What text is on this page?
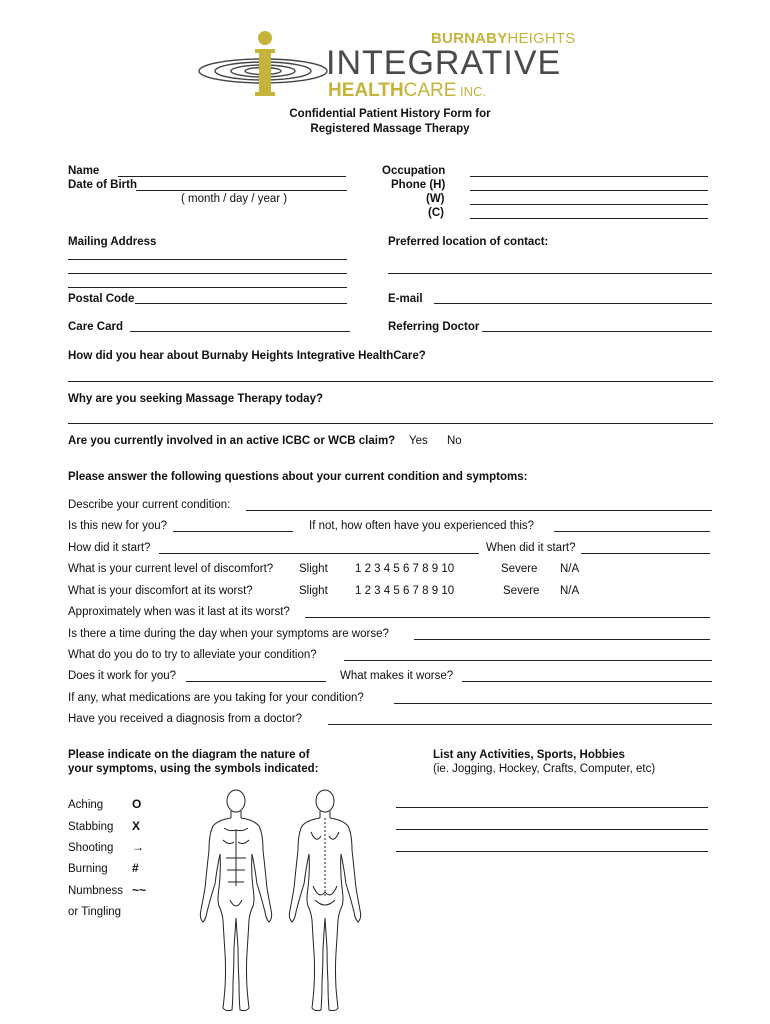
BURNABYHEIGHTS
INTEGRATIVE
HEALTHCARE INC.
Confidential Patient History Form for
Registered Massage Therapy
Name
Date of Birth
( month / day / year )
Occupation
Phone (H)
(W)
(C)
Mailing Address	Preferred location of contact:
Postal Code	E-mail
Care Card	Referring Doctor
How did you hear about Burnaby Heights Integrative HealthCare?
Why are you seeking Massage Therapy today?
Are you currently involved in an active ICBC or WCB claim? Yes No
Please answer the following questions about your current condition and symptoms:
Describe your current condition:
Is this new for you?	If not, how often have you experienced this?
How did it start?	When did it start?
What is your current level of discomfort? Slight 1 2 3 4 5 6 7 8 9 10	Severe N/A
What is your discomfort at its worst?	Slight 1 2 3 4 5 6 7 8 9 10	Severe N/A
Approximately when was it last at its worst?
Is there a time during the day when your symptoms are worse?
What do you do to try to alleviate your condition?
Does it work for you?	What makes it worse?
If any, what medications are you taking for your condition?
Have you received a diagnosis from a doctor?
Please indicate on the diagram the nature of
your symptoms, using the symbols indicated:
List any Activities, Sports, Hobbies
(ie. Jogging, Hockey, Crafts, Computer, etc)
Aching O
Stabbing X
Shooting →
Burning #
Numbness ~~
or Tingling
